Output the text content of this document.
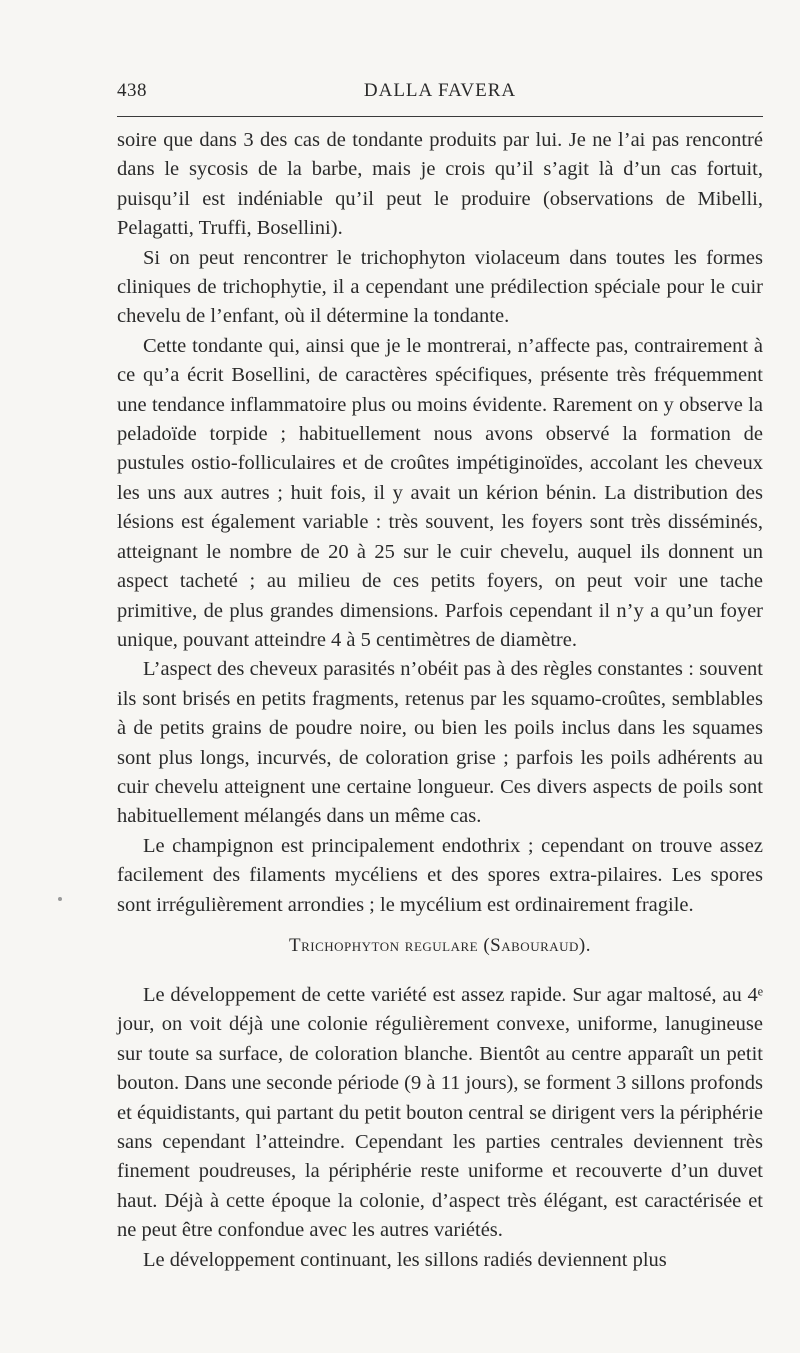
438	DALLA FAVERA

soire que dans 3 des cas de tondante produits par lui. Je ne l’ai pas rencontré dans le sycosis de la barbe, mais je crois qu’il s’agit là d’un cas fortuit, puisqu’il est indéniable qu’il peut le produire (observations de Mibelli, Pelagatti, Truffi, Bosellini).

Si on peut rencontrer le trichophyton violaceum dans toutes les formes cliniques de trichophytie, il a cependant une prédilection spéciale pour le cuir chevelu de l’enfant, où il détermine la tondante.

Cette tondante qui, ainsi que je le montrerai, n’affecte pas, contrairement à ce qu’a écrit Bosellini, de caractères spécifiques, présente très fréquemment une tendance inflammatoire plus ou moins évidente. Rarement on y observe la peladoïde torpide ; habituellement nous avons observé la formation de pustules ostio-folliculaires et de croûtes impétiginoïdes, accolant les cheveux les uns aux autres ; huit fois, il y avait un kérion bénin. La distribution des lésions est également variable : très souvent, les foyers sont très disséminés, atteignant le nombre de 20 à 25 sur le cuir chevelu, auquel ils donnent un aspect tacheté ; au milieu de ces petits foyers, on peut voir une tache primitive, de plus grandes dimensions. Parfois cependant il n’y a qu’un foyer unique, pouvant atteindre 4 à 5 centimètres de diamètre.

L’aspect des cheveux parasités n’obéit pas à des règles constantes : souvent ils sont brisés en petits fragments, retenus par les squamo-croûtes, semblables à de petits grains de poudre noire, ou bien les poils inclus dans les squames sont plus longs, incurvés, de coloration grise ; parfois les poils adhérents au cuir chevelu atteignent une certaine longueur. Ces divers aspects de poils sont habituellement mélangés dans un même cas.

Le champignon est principalement endothrix ; cependant on trouve assez facilement des filaments mycéliens et des spores extra-pilaires. Les spores sont irrégulièrement arrondies ; le mycélium est ordinairement fragile.

Trichophyton regulare (Sabouraud).

Le développement de cette variété est assez rapide. Sur agar maltosé, au 4ᵉ jour, on voit déjà une colonie régulièrement convexe, uniforme, lanugineuse sur toute sa surface, de coloration blanche. Bientôt au centre apparaît un petit bouton. Dans une seconde période (9 à 11 jours), se forment 3 sillons profonds et équidistants, qui partant du petit bouton central se dirigent vers la périphérie sans cependant l’atteindre. Cependant les parties centrales deviennent très finement poudreuses, la périphérie reste uniforme et recouverte d’un duvet haut. Déjà à cette époque la colonie, d’aspect très élégant, est caractérisée et ne peut être confondue avec les autres variétés.

Le développement continuant, les sillons radiés deviennent plus
